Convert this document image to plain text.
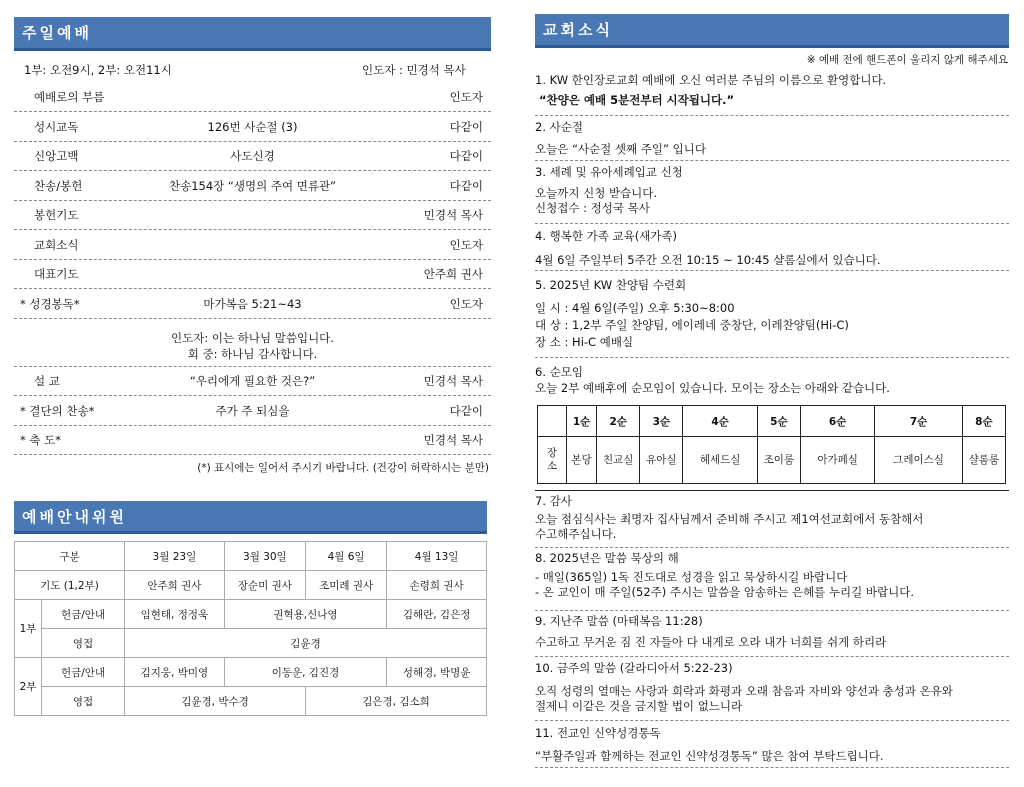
주일예배
1부: 오전9시, 2부: 오전11시	인도자 : 민경석 목사
예배로의 부름	인도자
성시교독	126번 사순절 (3)	다같이
신앙고백	사도신경	다같이
찬송/봉헌	찬송154장 “생명의 주여 면류관”	다같이
봉헌기도	민경석 목사
교회소식	인도자
대표기도	안주희 권사
* 성경봉독*	마가복음 5:21~43	인도자
인도자: 이는 하나님 말씀입니다.
회 중: 하나님 감사합니다.
설 교	“우리에게 필요한 것은?”	민경석 목사
* 결단의 찬송*	주가 주 되심을	다같이
* 축 도*	민경석 목사
(*) 표시에는 일어서 주시기 바랍니다. (건강이 허락하시는 분만)
예배안내위원
구분		3월 23일	3월 30일	4월 6일	4월 13일
기도 (1,2부)		안주희 권사	장순미 권사	조미례 권사	손령희 권사
1부	헌금/안내	임현태, 정정욱	권혁용,신나영		김해란, 김은정
	영접	김윤경			
2부	헌금/안내	김지웅, 박미영	이동운, 김진경		성해경, 박명윤
	영접	김윤경, 박수경		김은경, 김소희	
교회소식
※ 예배 전에 핸드폰이 울리지 않게 해주세요
1. KW 한인장로교회 예배에 오신 여러분 주님의 이름으로 환영합니다.
“찬양은 예배 5분전부터 시작됩니다.”
2. 사순절
오늘은 “사순절 셋째 주일” 입니다
3. 세례 및 유아세례입교 신청
오늘까지 신청 받습니다.
신청접수 : 정성국 목사
4. 행복한 가족 교육(새가족)
4월 6일 주일부터 5주간 오전 10:15 ~ 10:45 샬롬실에서 있습니다.
5. 2025년 KW 찬양팀 수련회
일 시 : 4월 6일(주일) 오후 5:30~8:00
대 상 : 1,2부 주일 찬양팀, 에이레네 중창단, 이레찬양팀(Hi-C)
장 소 : Hi-C 예배실
6. 순모임
오늘 2부 예배후에 순모임이 있습니다. 모이는 장소는 아래와 같습니다.
	1순	2순	3순	4순	5순	6순	7순	8순
장소	본당	친교실	유아실	헤세드실	조이룸	아가페실	그레이스실	샬롬룸
7. 감사
오늘 점심식사는 최명자 집사님께서 준비해 주시고 제1여선교회에서 동참해서
수고해주십니다.
8. 2025년은 말씀 묵상의 해
- 매일(365일) 1독 진도대로 성경을 읽고 묵상하시길 바랍니다
- 온 교인이 매 주일(52주) 주시는 말씀을 암송하는 은혜를 누리길 바랍니다.
9. 지난주 말씀 (마태복음 11:28)
수고하고 무거운 짐 진 자들아 다 내게로 오라 내가 너희를 쉬게 하리라
10. 금주의 말씀 (갈라디아서 5:22-23)
오직 성령의 열매는 사랑과 희락과 화평과 오래 참음과 자비와 양선과 충성과 온유와
절제니 이같은 것을 금지할 법이 없느니라
11. 전교인 신약성경통독
“부활주일과 함께하는 전교인 신약성경통독” 많은 참여 부탁드립니다.
